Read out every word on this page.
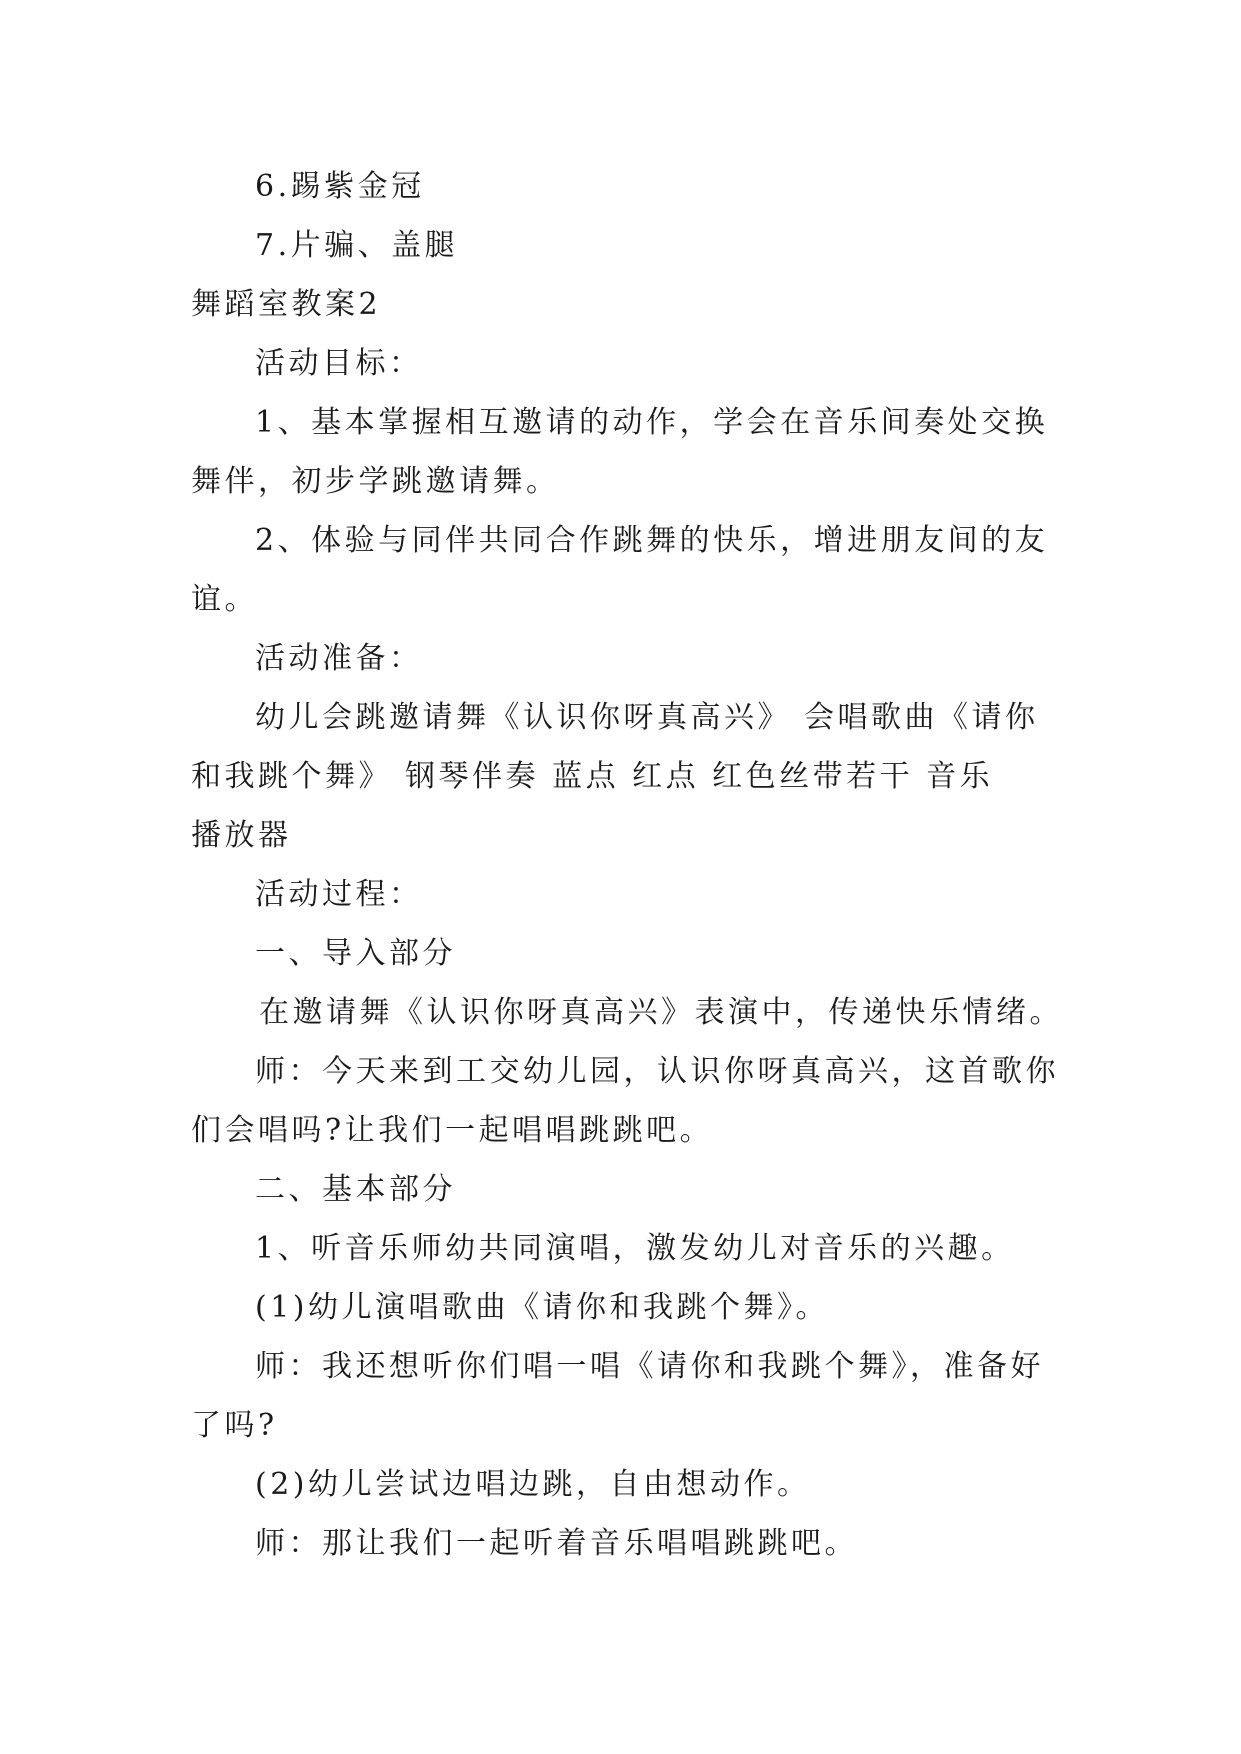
6.踢紫金冠

7.片骗、盖腿

舞蹈室教案2

活动目标：

1、基本掌握相互邀请的动作，学会在音乐间奏处交换

舞伴，初步学跳邀请舞。

2、体验与同伴共同合作跳舞的快乐，增进朋友间的友

谊。

活动准备：

幼儿会跳邀请舞《认识你呀真高兴》 会唱歌曲《请你

和我跳个舞》 钢琴伴奏 蓝点 红点 红色丝带若干 音乐

播放器

活动过程：

一、导入部分

在邀请舞《认识你呀真高兴》表演中，传递快乐情绪。

师：今天来到工交幼儿园，认识你呀真高兴，这首歌你

们会唱吗?让我们一起唱唱跳跳吧。

二、基本部分

1、听音乐师幼共同演唱，激发幼儿对音乐的兴趣。

(1)幼儿演唱歌曲《请你和我跳个舞》。

师：我还想听你们唱一唱《请你和我跳个舞》，准备好

了吗?

(2)幼儿尝试边唱边跳，自由想动作。

师：那让我们一起听着音乐唱唱跳跳吧。
